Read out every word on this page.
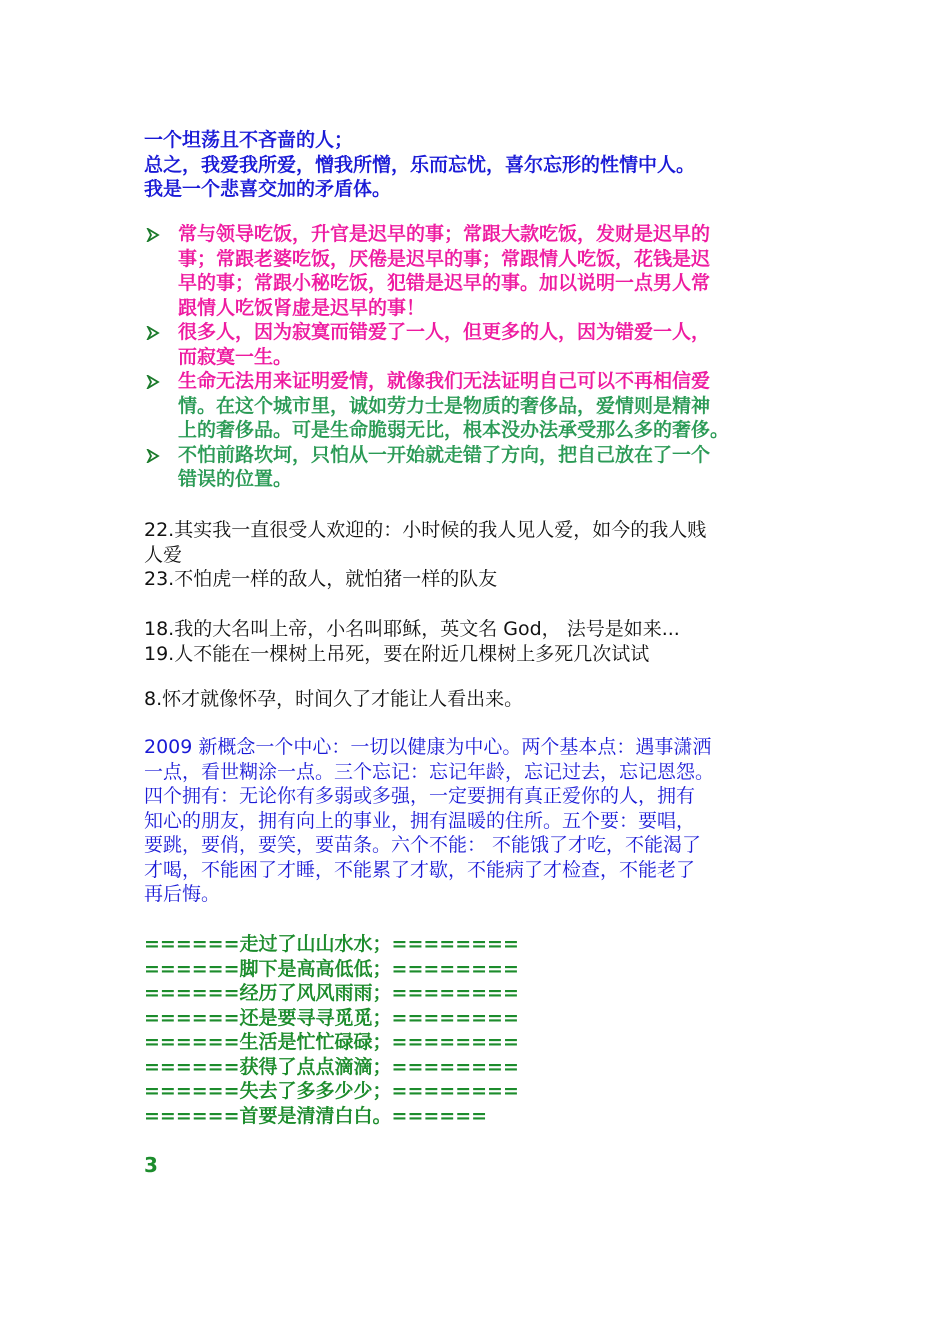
一个坦荡且不吝啬的人；

总之，我爱我所爱，憎我所憎，乐而忘忧，喜尔忘形的性情中人。

我是一个悲喜交加的矛盾体。

常与领导吃饭，升官是迟早的事；常跟大款吃饭，发财是迟早的

事；常跟老婆吃饭，厌倦是迟早的事；常跟情人吃饭，花钱是迟

早的事；常跟小秘吃饭，犯错是迟早的事。加以说明一点男人常

跟情人吃饭肾虚是迟早的事！

很多人，因为寂寞而错爱了一人，但更多的人，因为错爱一人，

而寂寞一生。

生命无法用来证明爱情，就像我们无法证明自己可以不再相信爱

情。在这个城市里，诚如劳力士是物质的奢侈品，爱情则是精神

上的奢侈品。可是生命脆弱无比，根本没办法承受那么多的奢侈。

不怕前路坎坷，只怕从一开始就走错了方向，把自己放在了一个

错误的位置。

22.其实我一直很受人欢迎的：小时候的我人见人爱，如今的我人贱

人爱

23.不怕虎一样的敌人，就怕猪一样的队友

18.我的大名叫上帝，小名叫耶稣，英文名 God， 法号是如来...

19.人不能在一棵树上吊死，要在附近几棵树上多死几次试试

8.怀才就像怀孕，时间久了才能让人看出来。

2009 新概念一个中心：一切以健康为中心。两个基本点：遇事潇洒

一点，看世糊涂一点。三个忘记：忘记年龄，忘记过去，忘记恩怨。

四个拥有：无论你有多弱或多强，一定要拥有真正爱你的人，拥有

知心的朋友，拥有向上的事业，拥有温暖的住所。五个要：要唱，

要跳，要俏，要笑，要苗条。六个不能： 不能饿了才吃，不能渴了

才喝，不能困了才睡，不能累了才歇，不能病了才检查，不能老了

再后悔。

======走过了山山水水；========

======脚下是高高低低；========

======经历了风风雨雨；========

======还是要寻寻觅觅；========

======生活是忙忙碌碌；========

======获得了点点滴滴；========

======失去了多多少少；========

======首要是清清白白。======

3
